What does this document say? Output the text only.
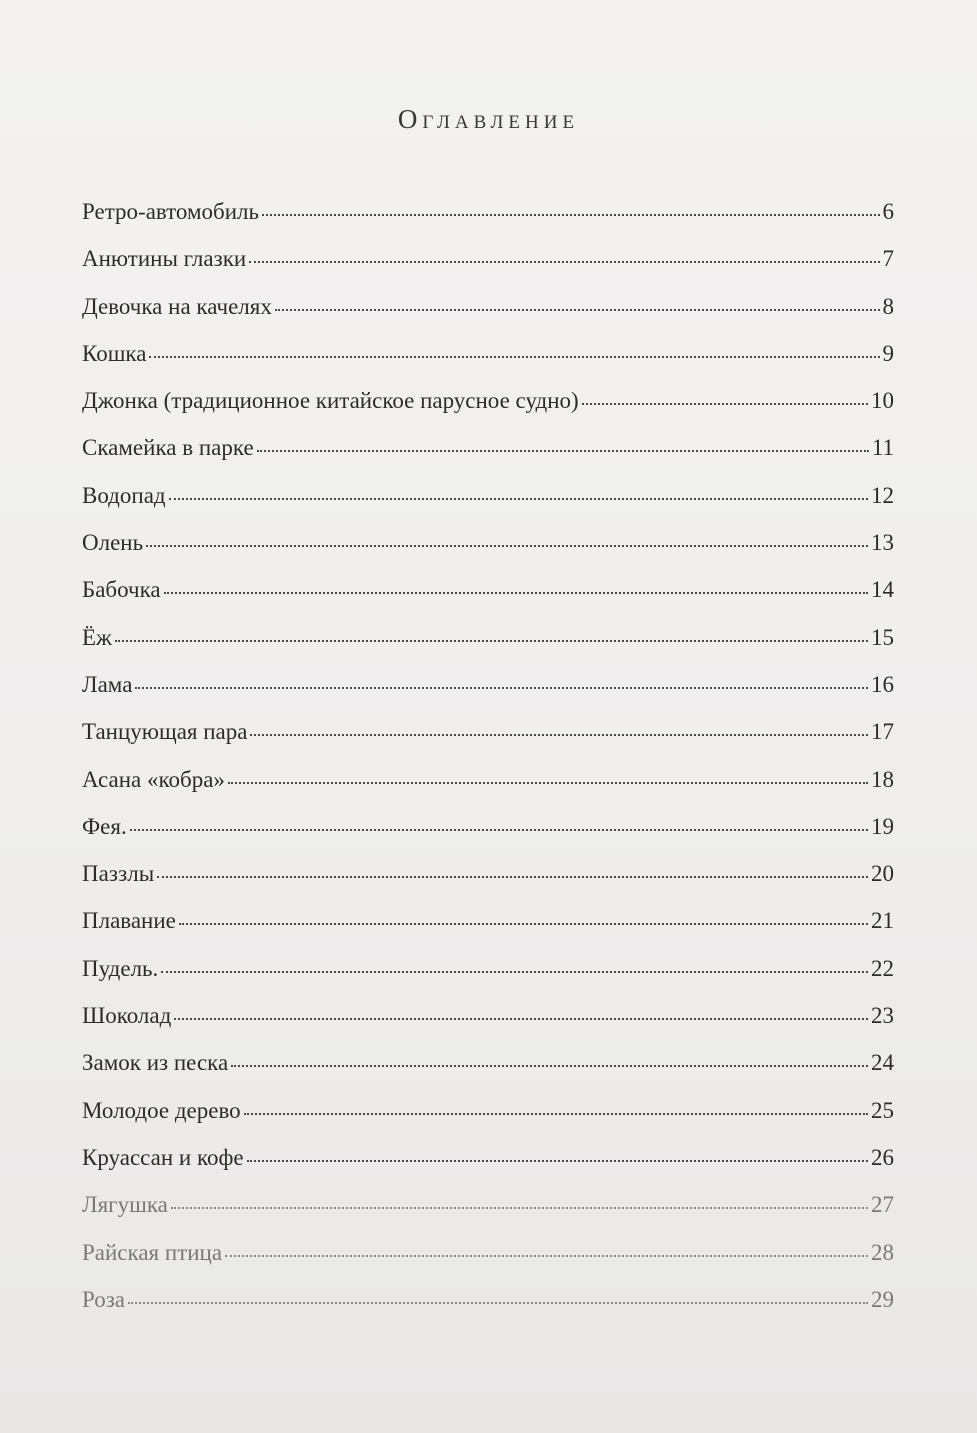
Оглавление
Ретро-автомобиль	6
Анютины глазки	7
Девочка на качелях	8
Кошка	9
Джонка (традиционное китайское парусное судно)	10
Скамейка в парке	11
Водопад	12
Олень	13
Бабочка	14
Ёж	15
Лама	16
Танцующая пара	17
Асана «кобра»	18
Фея.	19
Паззлы	20
Плавание	21
Пудель.	22
Шоколад	23
Замок из песка	24
Молодое дерево	25
Круассан и кофе	26
Лягушка	27
Райская птица	28
Роза	29
